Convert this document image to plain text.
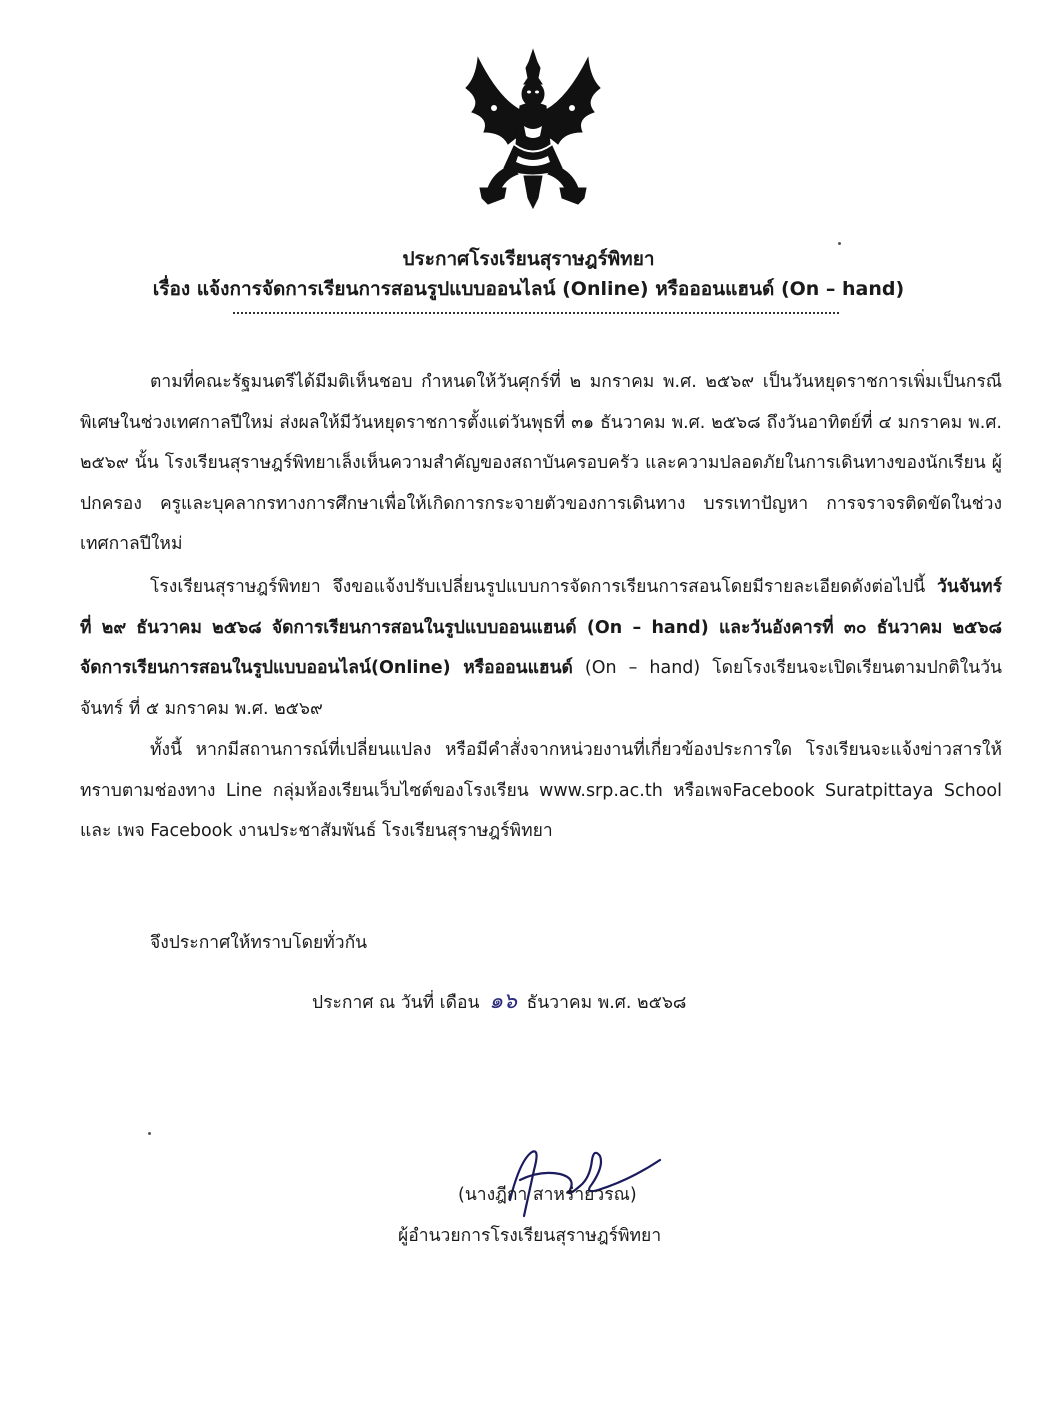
ประกาศโรงเรียนสุราษฎร์พิทยา
เรื่อง แจ้งการจัดการเรียนการสอนรูปแบบออนไลน์ (Online) หรือออนแฮนด์ (On – hand)
ตามที่คณะรัฐมนตรีได้มีมติเห็นชอบ กำหนดให้วันศุกร์ที่ ๒ มกราคม พ.ศ. ๒๕๖๙ เป็นวันหยุดราชการเพิ่มเป็นกรณีพิเศษในช่วงเทศกาลปีใหม่ ส่งผลให้มีวันหยุดราชการตั้งแต่วันพุธที่ ๓๑ ธันวาคม พ.ศ. ๒๕๖๘ ถึงวันอาทิตย์ที่ ๔ มกราคม พ.ศ. ๒๕๖๙ นั้น โรงเรียนสุราษฎร์พิทยาเล็งเห็นความสำคัญของสถาบันครอบครัว และความปลอดภัยในการเดินทางของนักเรียน ผู้ปกครอง ครูและบุคลากรทางการศึกษาเพื่อให้เกิดการกระจายตัวของการเดินทาง บรรเทาปัญหา การจราจรติดขัดในช่วงเทศกาลปีใหม่
โรงเรียนสุราษฎร์พิทยา จึงขอแจ้งปรับเปลี่ยนรูปแบบการจัดการเรียนการสอนโดยมีรายละเอียดดังต่อไปนี้ วันจันทร์ ที่ ๒๙ ธันวาคม ๒๕๖๘ จัดการเรียนการสอนในรูปแบบออนแฮนด์ (On – hand) และวันอังคารที่ ๓๐ ธันวาคม ๒๕๖๘ จัดการเรียนการสอนในรูปแบบออนไลน์(Online) หรือออนแฮนด์ (On – hand) โดยโรงเรียนจะเปิดเรียนตามปกติในวันจันทร์ ที่ ๕ มกราคม พ.ศ. ๒๕๖๙
ทั้งนี้ หากมีสถานการณ์ที่เปลี่ยนแปลง หรือมีคำสั่งจากหน่วยงานที่เกี่ยวข้องประการใด โรงเรียนจะแจ้งข่าวสารให้ทราบตามช่องทาง Line กลุ่มห้องเรียนเว็บไซต์ของโรงเรียน www.srp.ac.th หรือเพจFacebook Suratpittaya School และ เพจ Facebook งานประชาสัมพันธ์ โรงเรียนสุราษฎร์พิทยา
จึงประกาศให้ทราบโดยทั่วกัน
ประกาศ ณ วันที่ เดือน ๑๖ ธันวาคม พ.ศ. ๒๕๖๘
(นางฎีกา สาหร่ายวรณ)
ผู้อำนวยการโรงเรียนสุราษฎร์พิทยา
